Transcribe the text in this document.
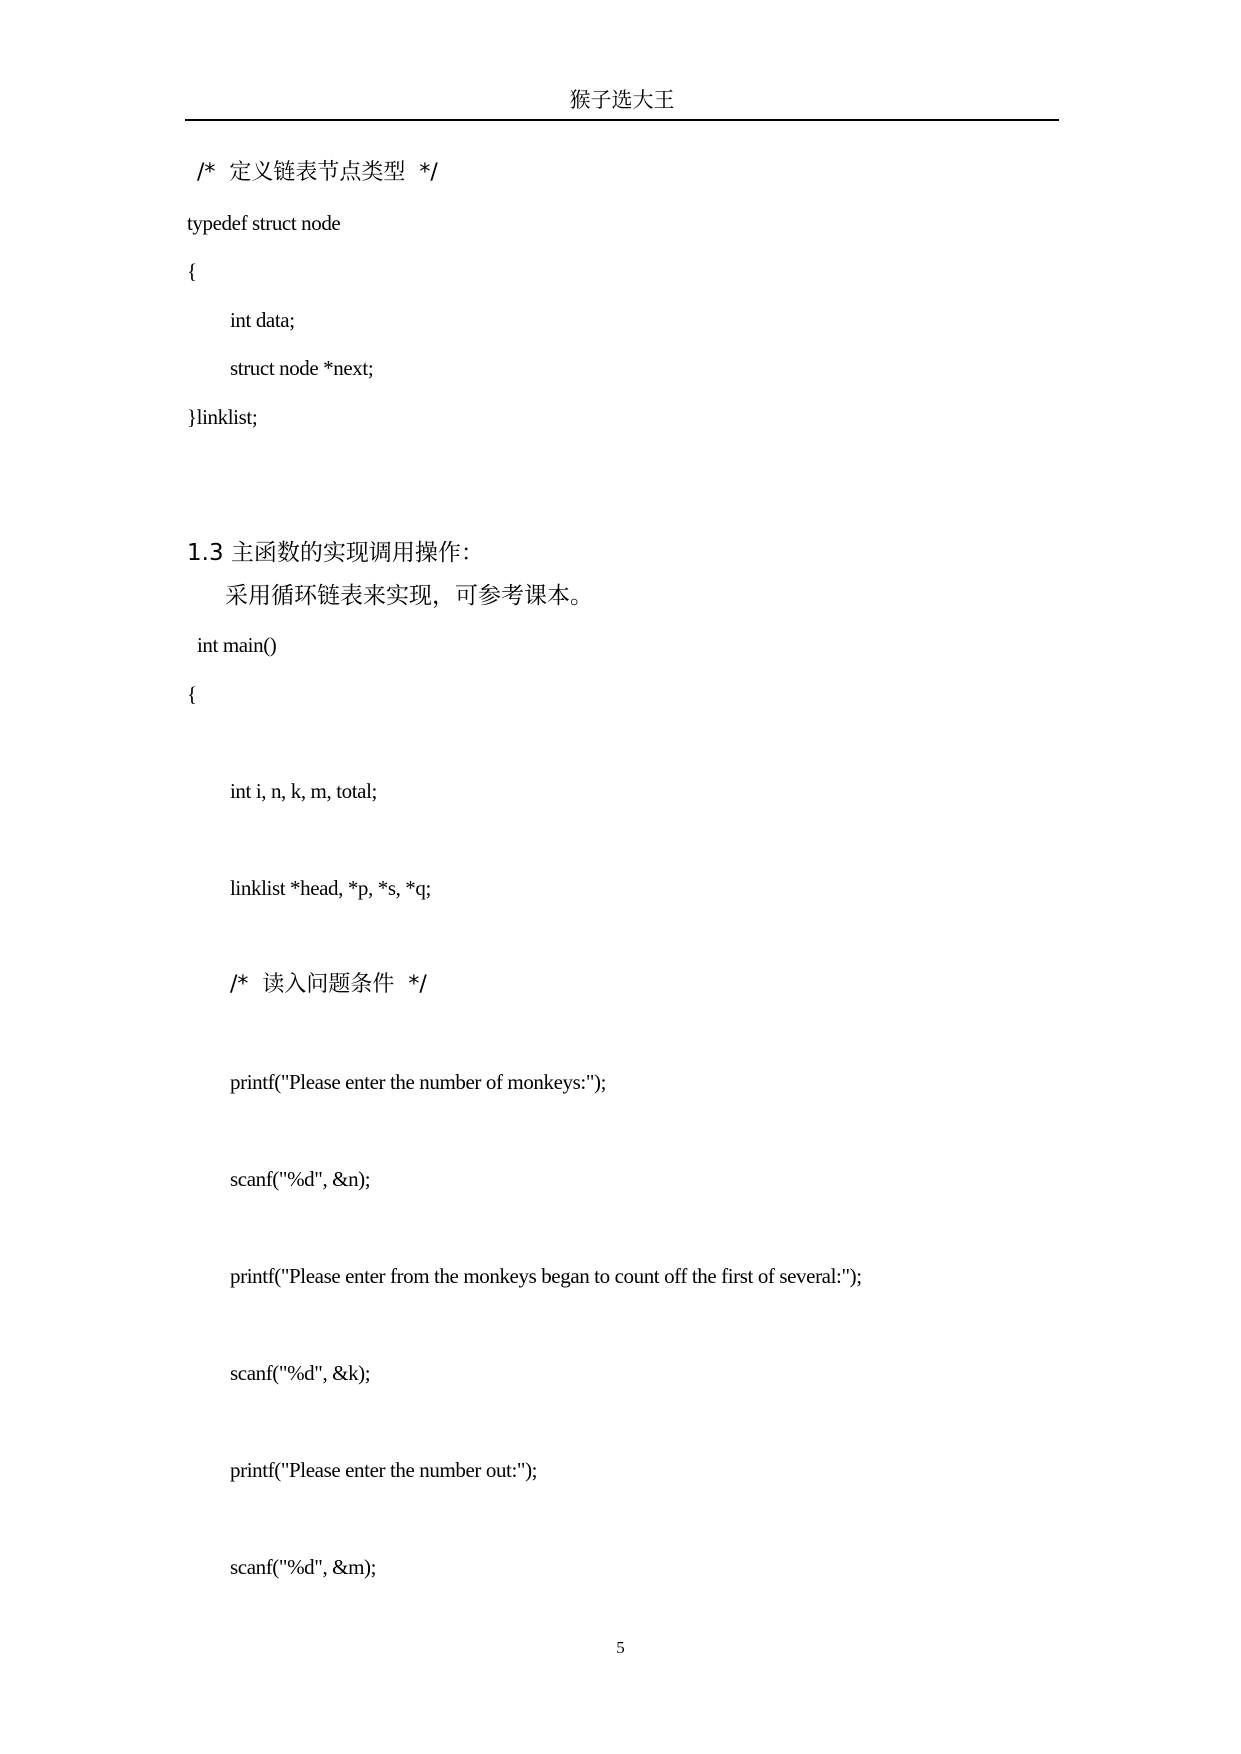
猴子选大王
/*  定义链表节点类型  */
typedef struct node
{
int data;
struct node *next;
}linklist;
1.3 主函数的实现调用操作：
采用循环链表来实现，可参考课本。
int main()
{
int i, n, k, m, total;
linklist *head, *p, *s, *q;
/*  读入问题条件  */
printf("Please enter the number of monkeys:");
scanf("%d", &n);
printf("Please enter from the monkeys began to count off the first of several:");
scanf("%d", &k);
printf("Please enter the number out:");
scanf("%d", &m);
5
